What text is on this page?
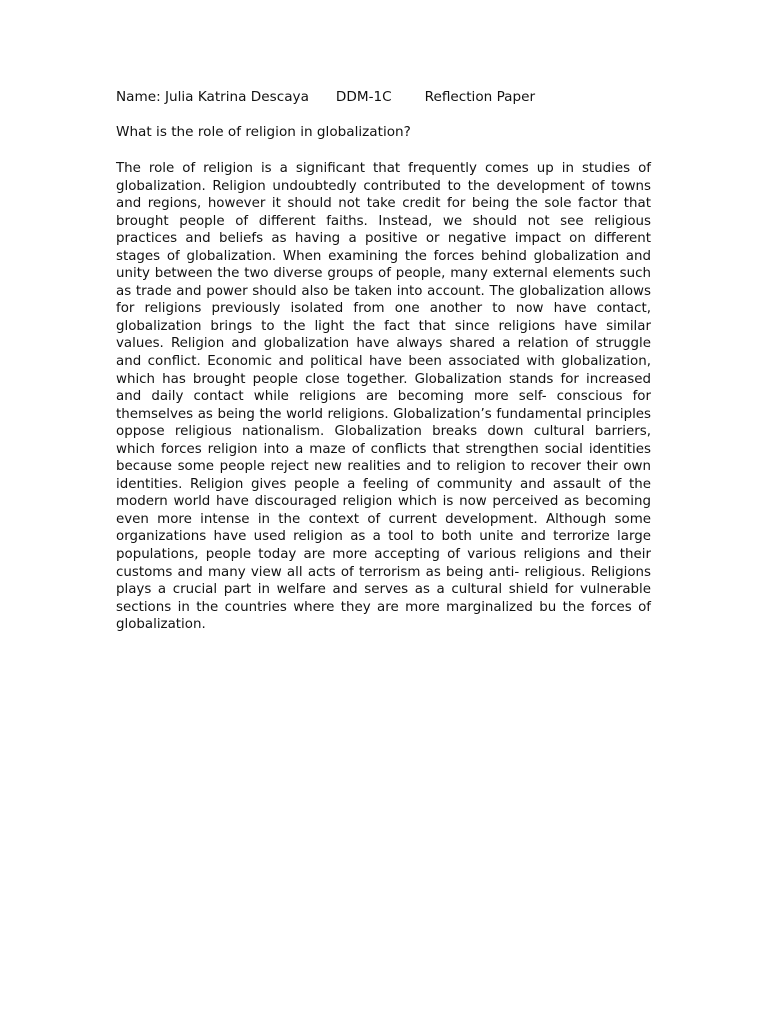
Name: Julia Katrina Descaya DDM-1C Reflection Paper
What is the role of religion in globalization?
The role of religion is a significant that frequently comes up in studies of globalization. Religion undoubtedly contributed to the development of towns and regions, however it should not take credit for being the sole factor that brought people of different faiths. Instead, we should not see religious practices and beliefs as having a positive or negative impact on different stages of globalization. When examining the forces behind globalization and unity between the two diverse groups of people, many external elements such as trade and power should also be taken into account. The globalization allows for religions previously isolated from one another to now have contact, globalization brings to the light the fact that since religions have similar values. Religion and globalization have always shared a relation of struggle and conflict. Economic and political have been associated with globalization, which has brought people close together. Globalization stands for increased and daily contact while religions are becoming more self- conscious for themselves as being the world religions. Globalization’s fundamental principles oppose religious nationalism. Globalization breaks down cultural barriers, which forces religion into a maze of conflicts that strengthen social identities because some people reject new realities and to religion to recover their own identities. Religion gives people a feeling of community and assault of the modern world have discouraged religion which is now perceived as becoming even more intense in the context of current development. Although some organizations have used religion as a tool to both unite and terrorize large populations, people today are more accepting of various religions and their customs and many view all acts of terrorism as being anti- religious. Religions plays a crucial part in welfare and serves as a cultural shield for vulnerable sections in the countries where they are more marginalized bu the forces of globalization.
